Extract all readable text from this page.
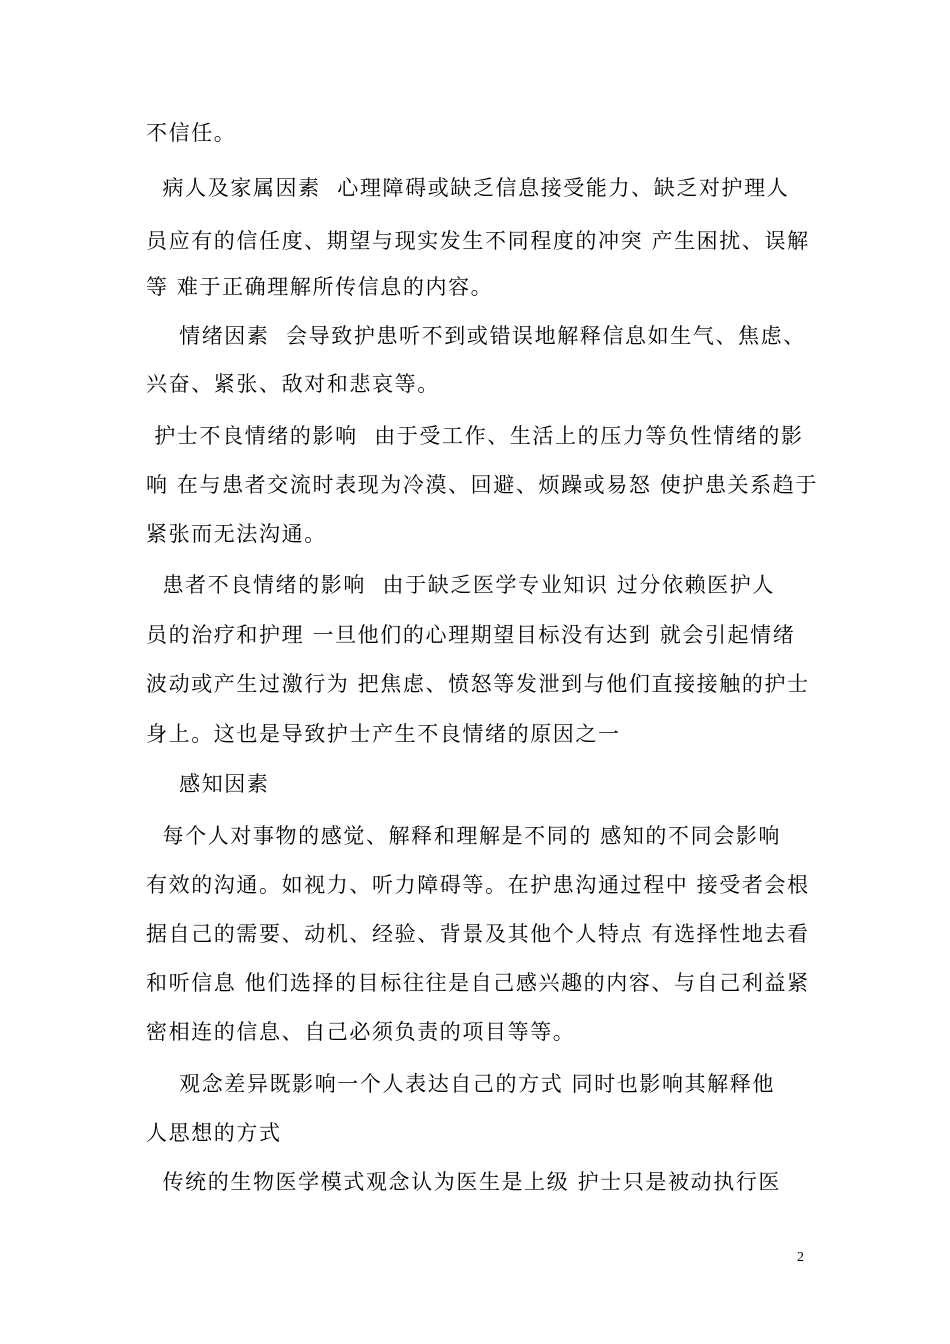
不信任。
病人及家属因素  心理障碍或缺乏信息接受能力、缺乏对护理人
员应有的信任度、期望与现实发生不同程度的冲突 产生困扰、误解
等 难于正确理解所传信息的内容。
情绪因素  会导致护患听不到或错误地解释信息如生气、焦虑、
兴奋、紧张、敌对和悲哀等。
护士不良情绪的影响  由于受工作、生活上的压力等负性情绪的影
响 在与患者交流时表现为冷漠、回避、烦躁或易怒 使护患关系趋于
紧张而无法沟通。
患者不良情绪的影响  由于缺乏医学专业知识 过分依赖医护人
员的治疗和护理 一旦他们的心理期望目标没有达到 就会引起情绪
波动或产生过激行为 把焦虑、愤怒等发泄到与他们直接接触的护士
身上。这也是导致护士产生不良情绪的原因之一
感知因素
每个人对事物的感觉、解释和理解是不同的 感知的不同会影响
有效的沟通。如视力、听力障碍等。在护患沟通过程中 接受者会根
据自己的需要、动机、经验、背景及其他个人特点 有选择性地去看
和听信息 他们选择的目标往往是自己感兴趣的内容、与自己利益紧
密相连的信息、自己必须负责的项目等等。
观念差异既影响一个人表达自己的方式 同时也影响其解释他
人思想的方式
传统的生物医学模式观念认为医生是上级 护士只是被动执行医
2
